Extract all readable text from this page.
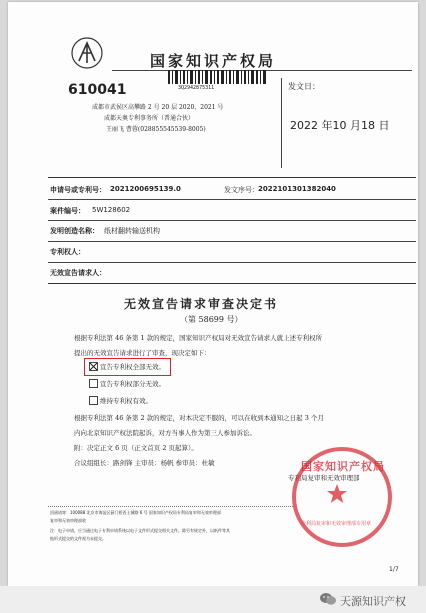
国家知识产权局
610041	3Q2942875311
成都市武侯区高攀路 2 号 20 层 2020、2021 号
成都天奥专利事务所（普通合伙）
王丽飞 曹蓉(028855545539-8005)
发文日：
2022 年10 月18 日
申请号或专利号： 2021200695139.0	发文序号： 2022101301382040
案件编号： 5W128602
发明创造名称： 纸材翻转输送机构
专利权人：
无效宣告请求人：
无效宣告请求审查决定书
（第 58699 号）
根据专利法第 46 条第 1 款的规定，国家知识产权局对无效宣告请求人就上述专利权所
提出的无效宣告请求进行了审查，现决定如下：
宣告专利权全部无效。
宣告专利权部分无效。
维持专利权有效。
根据专利法第 46 条第 2 款的规定，对本决定不服的，可以在收到本通知之日起 3 个月
内向北京知识产权法院起诉，对方当事人作为第三人参加诉讼。
附：决定正文 6 页（正文首页 2 页起算）。
合议组组长：路剑锋 主审员：杨帆 参审员：杜敏
专利局复审和无效审理部
国家知识产权局
专利局复审和无效审理部专用章
回函请寄：100088 北京市海淀区蓟门桥西土城路 6 号 国家知识产权局专利局复审和无效审理部
复审和无效审理部收
注：电子申请，应当通过电子专利申请系统以电子文件形式提交相关文件。除另有规定外，以纸件等其
他形式提交的文件视为未提交。
1/7
天源知识产权
